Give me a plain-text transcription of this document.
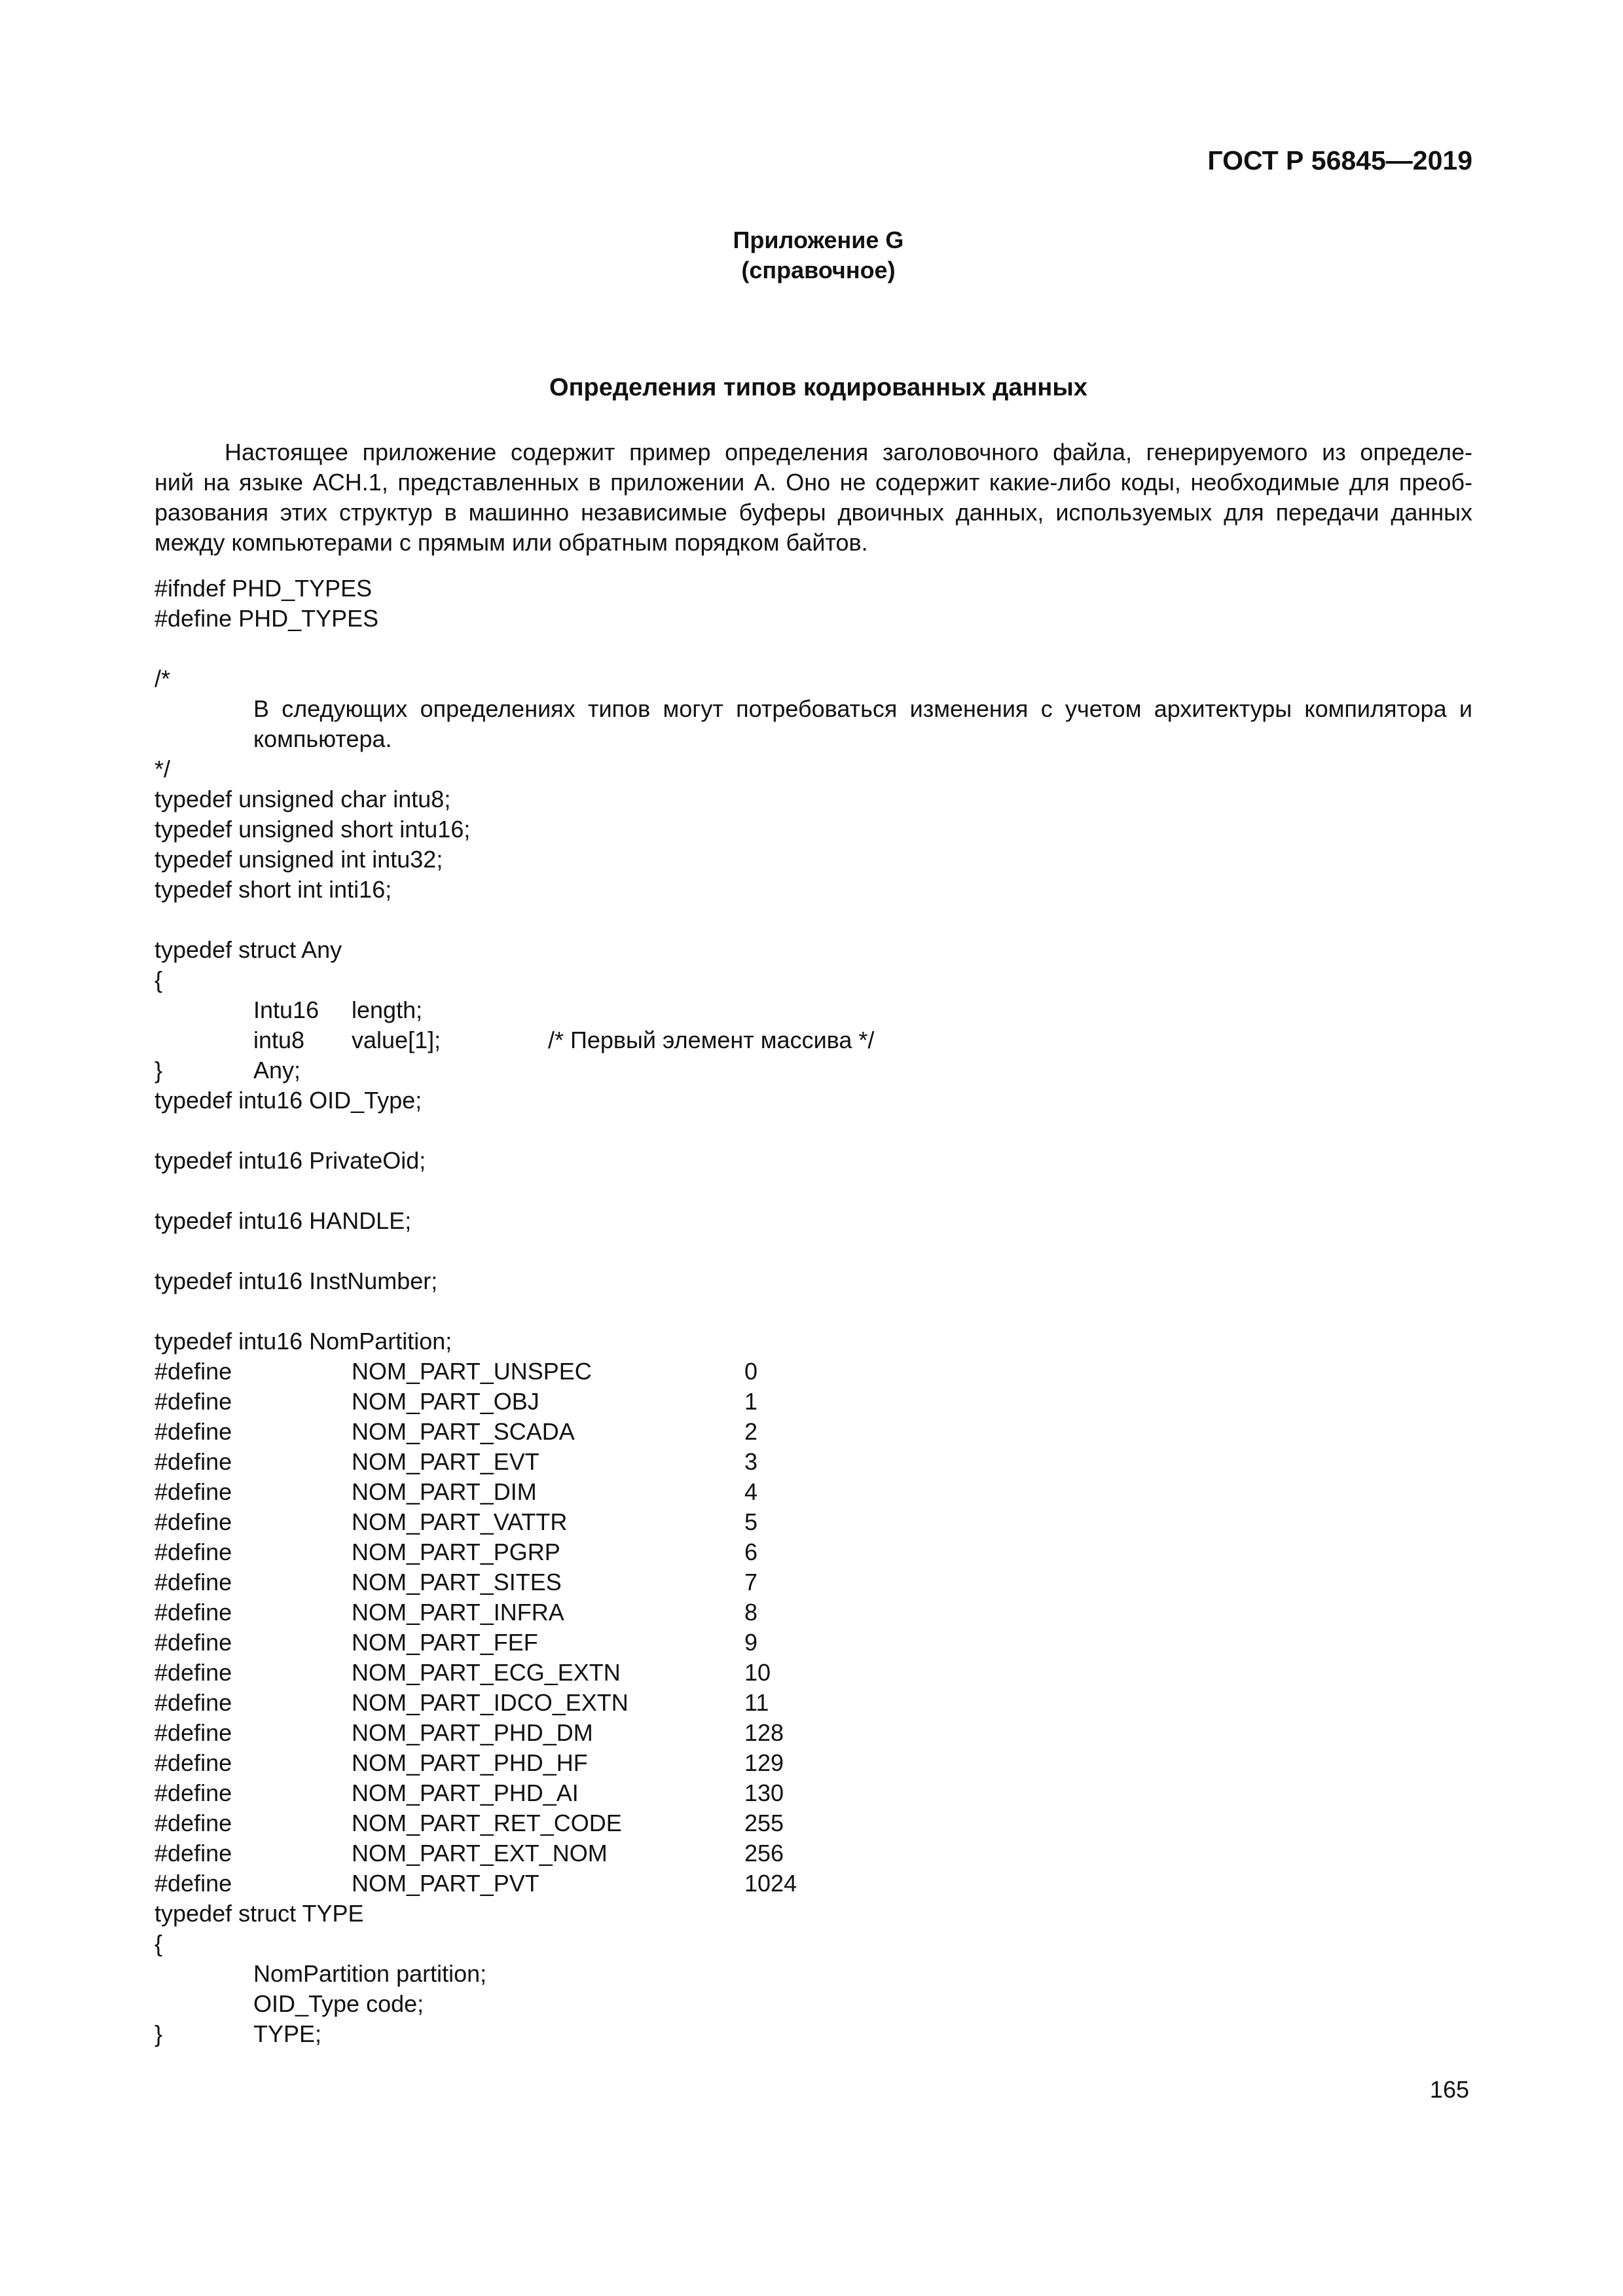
ГОСТ Р 56845—2019
Приложение G
(справочное)
Определения типов кодированных данных
Настоящее приложение содержит пример определения заголовочного файла, генерируемого из определе-
ний на языке АСН.1, представленных в приложении А. Оно не содержит какие-либо коды, необходимые для преоб-
разования этих структур в машинно независимые буферы двоичных данных, используемых для передачи данных
между компьютерами с прямым или обратным порядком байтов.
#ifndef PHD_TYPES
#define PHD_TYPES
/*
В следующих определениях типов могут потребоваться изменения с учетом архитектуры компилятора и
компьютера.
*/
typedef unsigned char intu8;
typedef unsigned short intu16;
typedef unsigned int intu32;
typedef short int inti16;
typedef struct Any
{
Intu16 length;
intu8 value[1];	/* Первый элемент массива */
}	Any;
typedef intu16 OID_Type;
typedef intu16 PrivateOid;
typedef intu16 HANDLE;
typedef intu16 InstNumber;
typedef intu16 NomPartition;
#define	NOM_PART_UNSPEC	0
#define	NOM_PART_OBJ	1
#define	NOM_PART_SCADA	2
#define	NOM_PART_EVT	3
#define	NOM_PART_DIM	4
#define	NOM_PART_VATTR	5
#define	NOM_PART_PGRP	6
#define	NOM_PART_SITES	7
#define	NOM_PART_INFRA	8
#define	NOM_PART_FEF	9
#define	NOM_PART_ECG_EXTN	10
#define	NOM_PART_IDCO_EXTN	11
#define	NOM_PART_PHD_DM	128
#define	NOM_PART_PHD_HF	129
#define	NOM_PART_PHD_AI	130
#define	NOM_PART_RET_CODE	255
#define	NOM_PART_EXT_NOM	256
#define	NOM_PART_PVT	1024
typedef struct TYPE
{
NomPartition partition;
OID_Type code;
}	TYPE;
165
